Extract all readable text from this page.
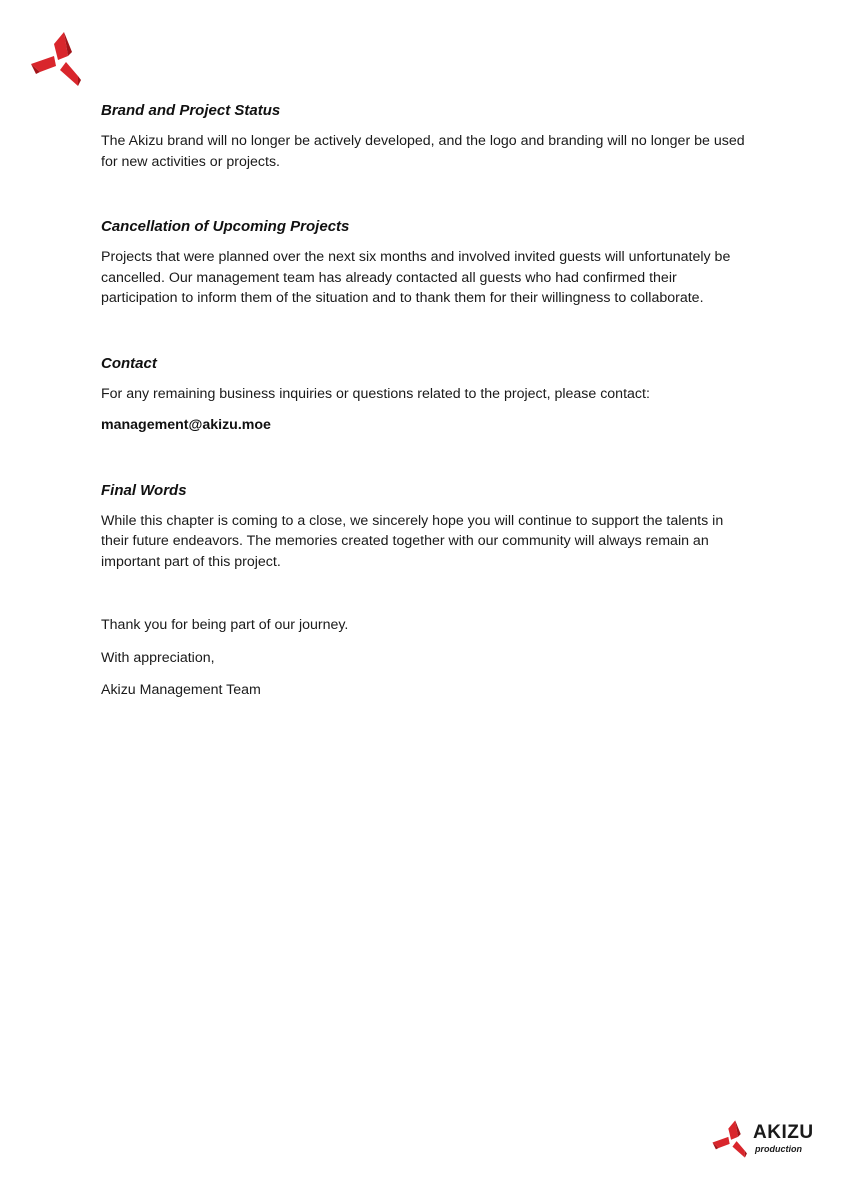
Brand and Project Status

The Akizu brand will no longer be actively developed, and the logo and branding will no longer be used for new activities or projects.

Cancellation of Upcoming Projects

Projects that were planned over the next six months and involved invited guests will unfortunately be cancelled. Our management team has already contacted all guests who had confirmed their participation to inform them of the situation and to thank them for their willingness to collaborate.

Contact

For any remaining business inquiries or questions related to the project, please contact:

management@akizu.moe
Final Words

While this chapter is coming to a close, we sincerely hope you will continue to support the talents in their future endeavors. The memories created together with our community will always remain an important part of this project.

Thank you for being part of our journey.

With appreciation,

Akizu Management Team

AKIZU
production
